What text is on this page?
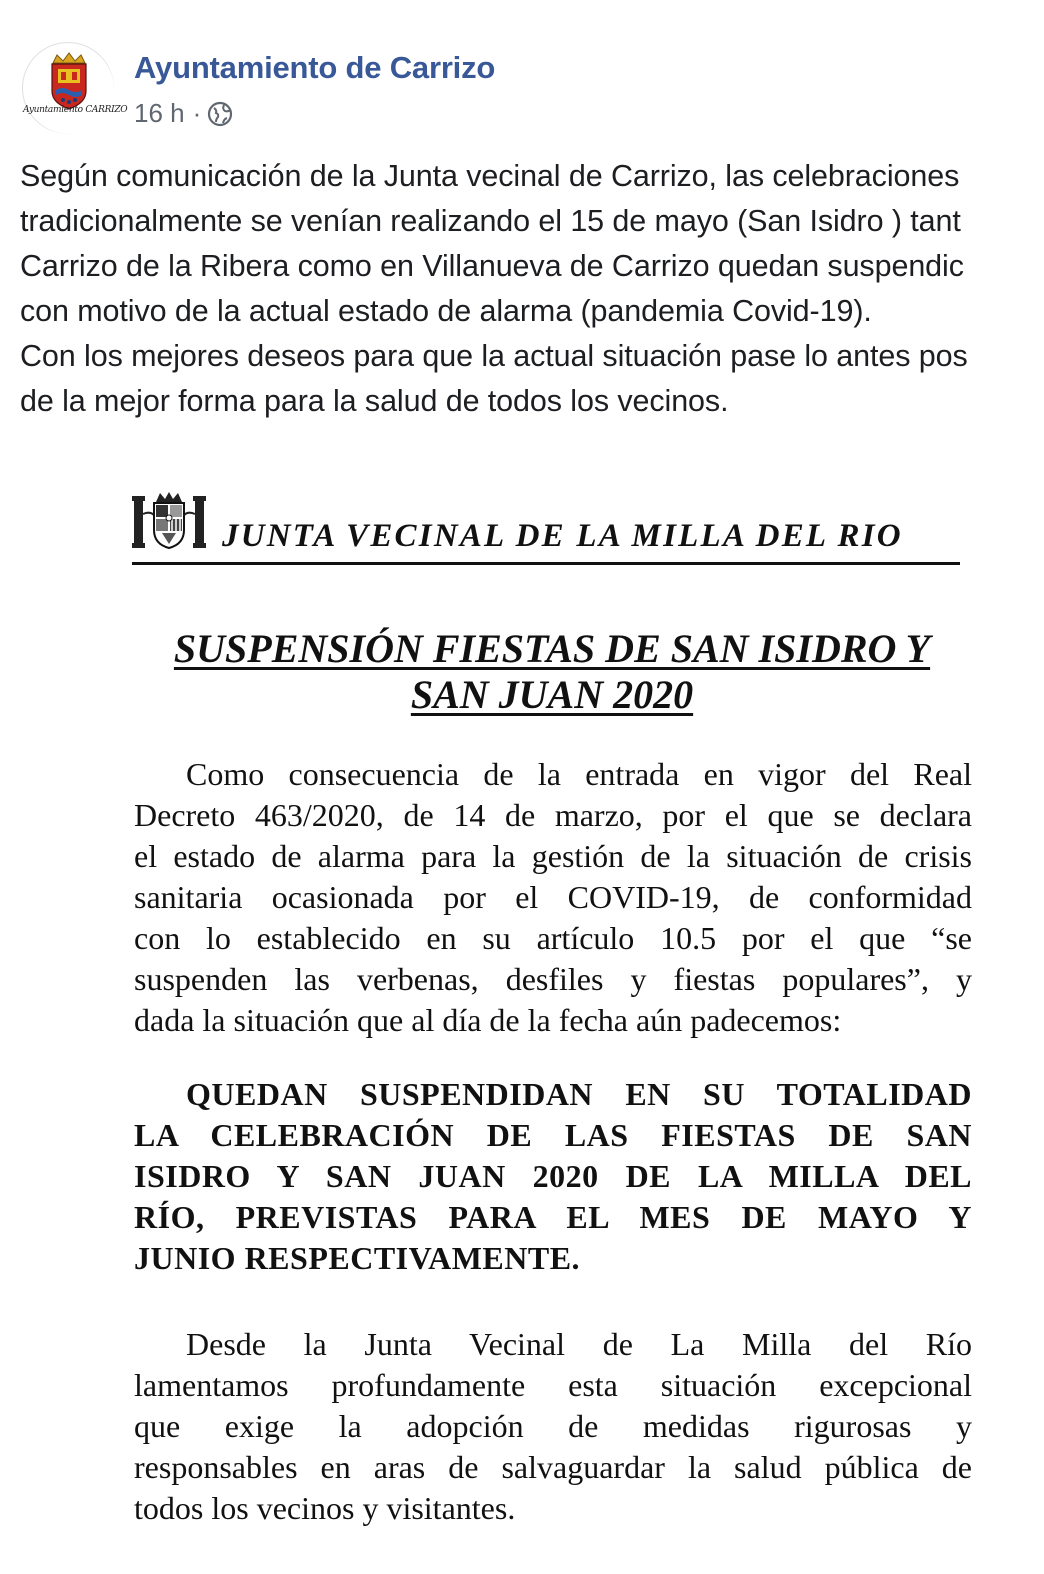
Ayuntamiento CARRIZO
Ayuntamiento de Carrizo
16 h ·
Según comunicación de la Junta vecinal de Carrizo, las celebraciones
tradicionalmente se venían realizando el 15 de mayo (San Isidro ) tant
Carrizo de la Ribera como en Villanueva de Carrizo quedan suspendic
con motivo de la actual estado de alarma (pandemia Covid-19).
Con los mejores deseos para que la actual situación pase lo antes pos
de la mejor forma para la salud de todos los vecinos.
JUNTA VECINAL DE LA MILLA DEL RIO
SUSPENSIÓN FIESTAS DE SAN ISIDRO Y
SAN JUAN 2020
Como consecuencia de la entrada en vigor del Real
Decreto 463/2020, de 14 de marzo, por el que se declara
el estado de alarma para la gestión de la situación de crisis
sanitaria ocasionada por el COVID-19, de conformidad
con lo establecido en su artículo 10.5 por el que “se
suspenden las verbenas, desfiles y fiestas populares”, y
dada la situación que al día de la fecha aún padecemos:
QUEDAN SUSPENDIDAN EN SU TOTALIDAD
LA CELEBRACIÓN DE LAS FIESTAS DE SAN
ISIDRO Y SAN JUAN 2020 DE LA MILLA DEL
RÍO, PREVISTAS PARA EL MES DE MAYO Y
JUNIO RESPECTIVAMENTE.
Desde la Junta Vecinal de La Milla del Río
lamentamos profundamente esta situación excepcional
que exige la adopción de medidas rigurosas y
responsables en aras de salvaguardar la salud pública de
todos los vecinos y visitantes.
